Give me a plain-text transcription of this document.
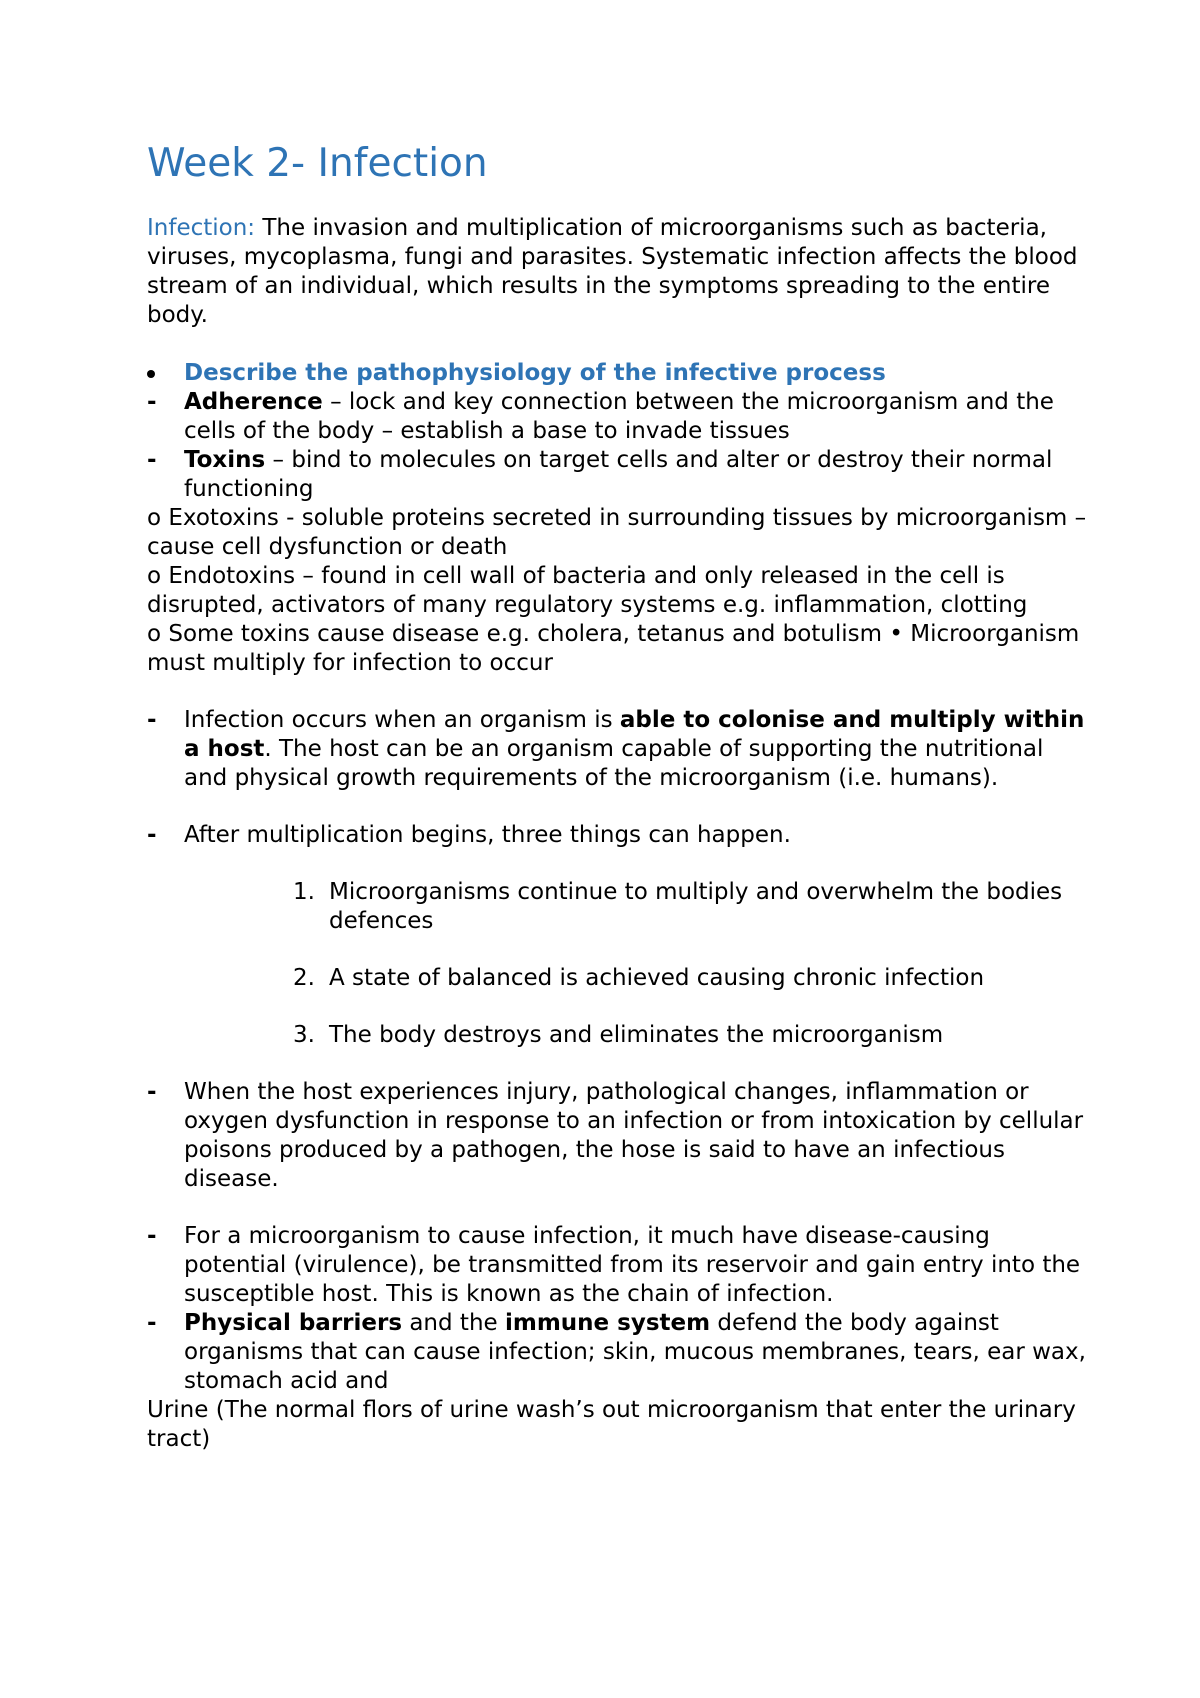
Week 2- Infection

Infection: The invasion and multiplication of microorganisms such as bacteria, viruses, mycoplasma, fungi and parasites. Systematic infection affects the blood stream of an individual, which results in the symptoms spreading to the entire body.

Describe the pathophysiology of the infective process
- Adherence – lock and key connection between the microorganism and the cells of the body – establish a base to invade tissues
- Toxins – bind to molecules on target cells and alter or destroy their normal functioning

o Exotoxins - soluble proteins secreted in surrounding tissues by microorganism – cause cell dysfunction or death

o Endotoxins – found in cell wall of bacteria and only released in the cell is disrupted, activators of many regulatory systems e.g. inflammation, clotting

o Some toxins cause disease e.g. cholera, tetanus and botulism • Microorganism must multiply for infection to occur

- Infection occurs when an organism is able to colonise and multiply within a host. The host can be an organism capable of supporting the nutritional and physical growth requirements of the microorganism (i.e. humans).
- After multiplication begins, three things can happen.
1. Microorganisms continue to multiply and overwhelm the bodies defences
2. A state of balanced is achieved causing chronic infection
3. The body destroys and eliminates the microorganism
- When the host experiences injury, pathological changes, inflammation or oxygen dysfunction in response to an infection or from intoxication by cellular poisons produced by a pathogen, the hose is said to have an infectious disease.
- For a microorganism to cause infection, it much have disease-causing potential (virulence), be transmitted from its reservoir and gain entry into the susceptible host. This is known as the chain of infection.
- Physical barriers and the immune system defend the body against organisms that can cause infection; skin, mucous membranes, tears, ear wax, stomach acid and

Urine (The normal flors of urine wash’s out microorganism that enter the urinary tract)
